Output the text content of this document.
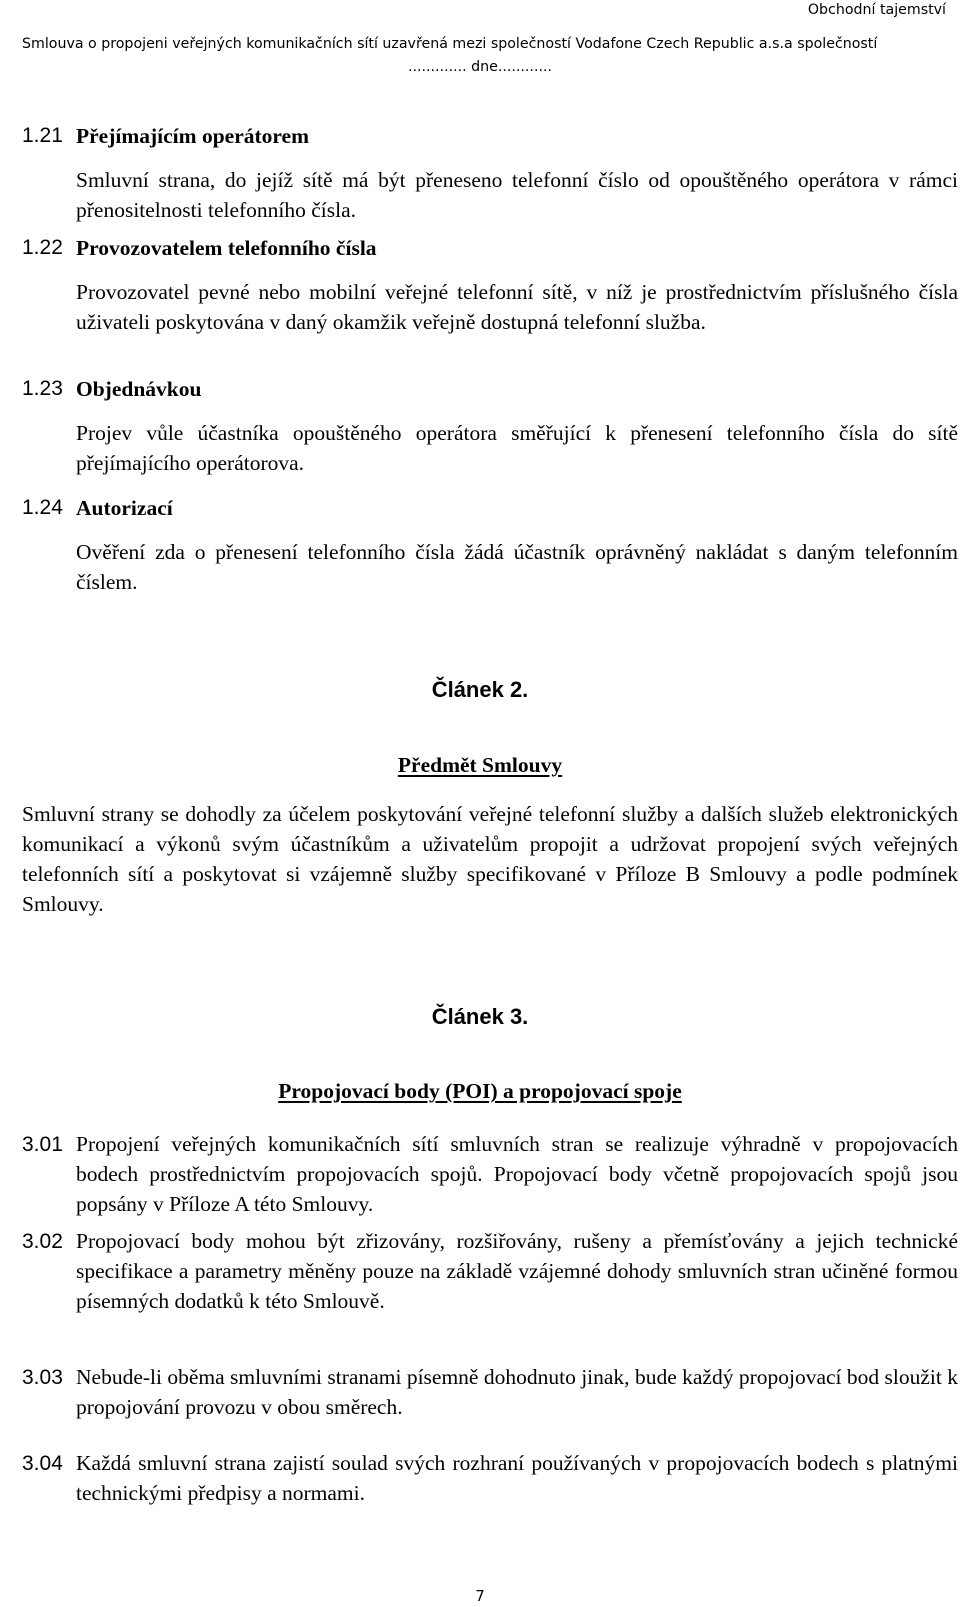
Obchodní tajemství
Smlouva o propojeni veřejných komunikačních sítí uzavřená mezi společností Vodafone Czech Republic a.s.a společností
............. dne............
1.21 Přejímajícím operátorem
Smluvní strana, do jejíž sítě má být přeneseno telefonní číslo od opouštěného operátora v rámci přenositelnosti telefonního čísla.
1.22 Provozovatelem telefonního čísla
Provozovatel pevné nebo mobilní veřejné telefonní sítě, v níž je prostřednictvím příslušného čísla uživateli poskytována v daný okamžik veřejně dostupná telefonní služba.
1.23 Objednávkou
Projev vůle účastníka opouštěného operátora směřující k přenesení telefonního čísla do sítě přejímajícího operátorova.
1.24 Autorizací
Ověření zda o přenesení telefonního čísla žádá účastník oprávněný nakládat s daným telefonním číslem.
Článek 2.
Předmět Smlouvy
Smluvní strany se dohodly za účelem poskytování veřejné telefonní služby a dalších služeb elektronických komunikací a výkonů svým účastníkům a uživatelům propojit a udržovat propojení svých veřejných telefonních sítí a poskytovat si vzájemně služby specifikované v Příloze B Smlouvy a podle podmínek Smlouvy.
Článek 3.
Propojovací body (POI) a propojovací spoje
3.01 Propojení veřejných komunikačních sítí smluvních stran se realizuje výhradně v propojovacích bodech prostřednictvím propojovacích spojů. Propojovací body včetně propojovacích spojů jsou popsány v Příloze A této Smlouvy.
3.02 Propojovací body mohou být zřizovány, rozšiřovány, rušeny a přemísťovány a jejich technické specifikace a parametry měněny pouze na základě vzájemné dohody smluvních stran učiněné formou písemných dodatků k této Smlouvě.
3.03 Nebude-li oběma smluvními stranami písemně dohodnuto jinak, bude každý propojovací bod sloužit k propojování provozu v obou směrech.
3.04 Každá smluvní strana zajistí soulad svých rozhraní používaných v propojovacích bodech s platnými technickými předpisy a normami.
7
